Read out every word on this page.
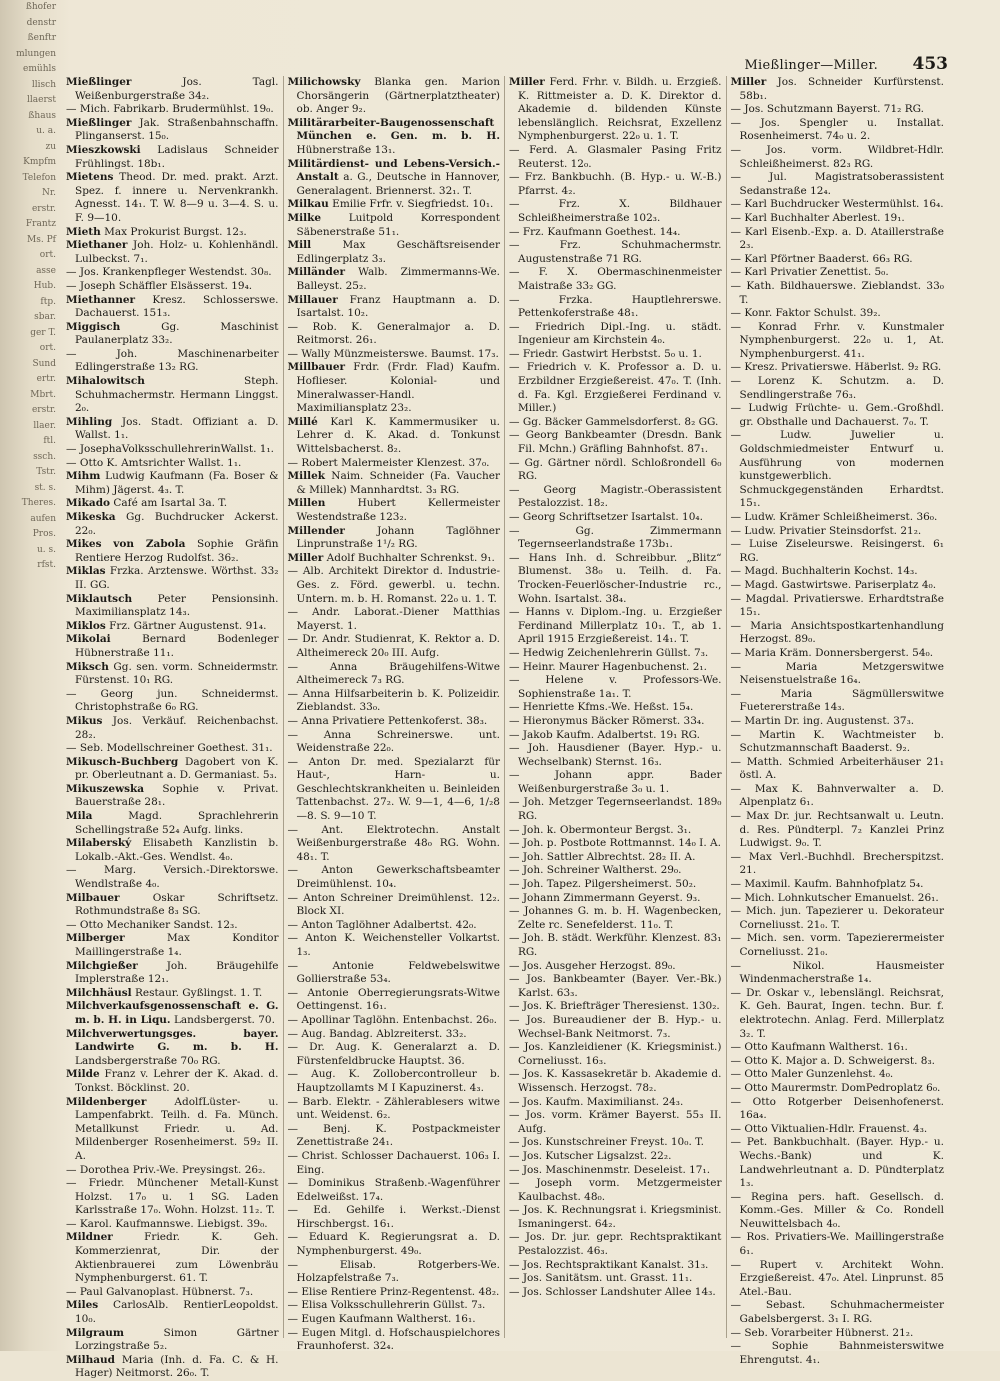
ßhofer
denstr
ßenftr
mlungen
emühls
llisch
llaerst
ßhaus
u. a.
zu
Kmpfm
Telefon
Nr.
erstr.
Frantz
Ms. Pf
ort.
asse
Hub.
ftp.
sbar.
ger T.
ort.
Sund
ertr.
Mbrt.
erstr.
llaer.
ftl.
ssch.
Tstr.
st. s.
Theres.
aufen
Pros.
u. s.
rfst.
Mießlinger—Miller. 453

Mießlinger	Jos. Tagl. Weißenburgerstraße 34₂.

— Mich. Fabrikarb. Brudermühlst. 19₀.

Mießlinger Jak. Straßenbahnschaffn. Plinganserst. 15₀.

Mieszkowski Ladislaus Schneider Frühlingst. 18b₁.

Mietens Theod. Dr. med. prakt. Arzt. Spez. f. innere u. Nervenkrankh. Agnesst. 14₁. T. W. 8—9 u. 3—4. S. u. F. 9—10.

Mieth Max Prokurist Burgst. 12₃.

Miethaner Joh. Holz- u. Kohlenhändl. Lulbeckst. 7₁.

— Jos. Krankenpfleger Westendst. 30₈.

— Joseph Schäffler Elsässerst. 19₄.

Miethanner Kresz. Schlosserswe. Dachauerst. 151₃.

Miggisch	Gg. Maschinist Paulanerplatz 33₂.

— Joh. Maschinenarbeiter Edlingerstraße 13₂ RG.

Mihalowitsch	Steph. Schuhmachermstr. Hermann Linggst. 2₀.

Mihling Jos. Stadt. Offiziant a. D. Wallst. 1₁.

— JosephaVolksschullehrerinWallst. 1₁.

— Otto K. Amtsrichter Wallst. 1₁.

Mihm Ludwig Kaufmann (Fa. Boser & Mihm) Jägerst. 4₃. T.

Mikado Café am Isartal 3a. T.

Mikeska Gg. Buchdrucker Ackerst. 22₀.

Mikes von Zabola Sophie Gräfin Rentiere Herzog Rudolfst. 36₂.

Miklas Frzka. Arztenswe. Wörthst. 33₂ II. GG.

Miklautsch Peter Pensionsinh. Maximiliansplatz 14₃.

Miklos Frz. Gärtner Augustenst. 91₄.

Mikolai	Bernard Bodenleger Hübnerstraße 11₁.

Miksch Gg. sen. vorm. Schneidermstr. Fürstenst. 10₁ RG.

— Georg jun. Schneidermst. Christophstraße 6₀ RG.

Mikus Jos. Verkäuf. Reichenbachst. 28₂.

— Seb. Modellschreiner Goethest. 31₁.

Mikusch-Buchberg Dagobert von K. pr. Oberleutnant a. D. Germaniast. 5₃.

Mikuszewska Sophie v. Privat. Bauerstraße 28₁.

Mila	Magd. Sprachlehrerin Schellingstraße 52₄ Aufg. links.

Milaberský Elisabeth Kanzlistin b. Lokalb.-Akt.-Ges. Wendlst. 4₀.

— Marg. Versich.-Direktorswe. Wendlstraße 4₀.

Milbauer	Oskar Schriftsetz. Rothmundstraße 8₃ SG.

— Otto Mechaniker Sandst. 12₃.

Milberger	Max Konditor Maillingerstraße 1₄.

Milchgießer	Joh. Bräugehilfe Implerstraße 12₁.

Milchhäusl Restaur. Gyßlingst. 1. T.

Milchverkaufsgenossenschaft e. G. m. b. H. in Liqu. Landsbergerst. 70.

Milchverwertungsges. bayer. Landwirte G. m. b. H. Landsbergerstraße 70₀ RG.

Milde Franz v. Lehrer der K. Akad. d. Tonkst. Böcklinst. 20.

Mildenberger	AdolfLüster- u. Lampenfabrkt. Teilh. d. Fa. Münch. Metallkunst Friedr. u. Ad. Mildenberger Rosenheimerst. 59₂ II. A.

— Dorothea Priv.-We. Preysingst. 26₂.

— Friedr. Münchener Metall-Kunst Holzst. 17₀ u. 1 SG. Laden Karlsstraße 17₀. Wohn. Holzst. 11₂. T.

— Karol. Kaufmannswe. Liebigst. 39₀.

Mildner	Friedr. K. Geh. Kommerzienrat, Dir. der Aktienbrauerei zum Löwenbräu Nymphenburgerst. 61. T.

— Paul Galvanoplast. Hübnerst. 7₃.

Miles CarlosAlb. RentierLeopoldst. 10₀.

Milgraum	Simon Gärtner Lorzingstraße 5₂.

Milhaud Maria (Inh. d. Fa. C. & H. Hager) Neitmorst. 26₀. T.

Milichowsky Blanka gen. Marion Chorsängerin (Gärtnerplatztheater) ob. Anger 9₂.

Militärarbeiter-Baugenossenschaft München e. Gen. m. b. H. Hübnerstraße 13₁.

Militärdienst- und Lebens-Versich.-Anstalt a. G., Deutsche in Hannover, Generalagent. Briennerst. 32₁. T.

Milkau Emilie Frfr. v. Siegfriedst. 10₁.

Milke	Luitpold Korrespondent Säbenerstraße 51₁.

Mill	Max Geschäftsreisender Edlingerplatz 3₃.

Milländer Walb. Zimmermanns-We. Balleyst. 25₂.

Millauer Franz Hauptmann a. D. Isartalst. 10₂.

— Rob. K. Generalmajor a. D. Reitmorst. 26₁.

— Wally Münzmeisterswe. Baumst. 17₃.

Millbauer Frdr. (Frdr. Flad) Kaufm. Hoflieser. Kolonial- und Mineralwasser-Handl. Maximiliansplatz 23₂.

Millé Karl K. Kammermusiker u. Lehrer d. K. Akad. d. Tonkunst Wittelsbacherst. 8₂.

— Robert Malermeister Klenzest. 37₀.

Millek Naim. Schneider (Fa. Vaucher & Millek) Mannhardtst. 3₃ RG.

Millen	Hubert Kellermeister Westendstraße 123₂.

Millender	Johann Taglöhner Linprunstraße 1¹/₂ RG.

Miller Adolf Buchhalter Schrenkst. 9₁.

— Alb. Architekt Direktor d. Industrie-Ges. z. Förd. gewerbl. u. techn. Untern. m. b. H. Romanst. 22₀ u. 1. T.

— Andr. Laborat.-Diener Matthias Mayerst. 1.

— Dr. Andr. Studienrat, K. Rektor a. D. Altheimereck 20₀ III. Aufg.

— Anna Bräugehilfens-Witwe Altheimereck 7₃ RG.

— Anna Hilfsarbeiterin b. K. Polizeidir. Zieblandst. 33₀.

— Anna Privatiere Pettenkoferst. 38₃.

— Anna Schreinerswe. unt. Weidenstraße 22₀.

— Anton Dr. med. Spezialarzt für Haut-, Harn- u. Geschlechtskrankheiten u. Beinleiden Tattenbachst. 27₂. W. 9—1, 4—6, 1/₂8—8. S. 9—10 T.

— Ant. Elektrotechn. Anstalt Weißenburgerstraße 48₀ RG. Wohn. 48₁. T.

— Anton Gewerkschaftsbeamter Dreimühlenst. 10₄.

— Anton Schreiner Dreimühlenst. 12₂. Block XI.

— Anton Taglöhner Adalbertst. 42₀.

— Anton K. Weichensteller Volkartst. 1₃.

— Antonie Feldwebelswitwe Gollierstraße 53₄.

— Antonie Oberregierungsrats-Witwe Oettingenst. 16₁.

— Apollinar Taglöhn. Entenbachst. 26₀.

— Aug. Bandag. Ablzreiterst. 33₂.

— Dr. Aug. K. Generalarzt a. D. Fürstenfeldbrucke Hauptst. 36.

— Aug. K. Zollobercontrolleur b. Hauptzollamts M I Kapuzinerst. 4₃.

— Barb. Elektr. - Zählerablesers witwe unt. Weidenst. 6₂.

— Benj. K. Postpackmeister Zenettistraße 24₁.

— Christ. Schlosser Dachauerst. 106₃ I. Eing.

— Dominikus Straßenb.-Wagenführer Edelweißst. 17₄.

— Ed. Gehilfe i. Werkst.-Dienst Hirschbergst. 16₁.

— Eduard K. Regierungsrat a. D. Nymphenburgerst. 49₀.

— Elisab. Rotgerbers-We. Holzapfelstraße 7₃.

— Elise Rentiere Prinz-Regentenst. 48₂.

— Elisa Volksschullehrerin Güllst. 7₃.

— Eugen Kaufmann Waltherst. 16₁.

— Eugen Mitgl. d. Hofschauspielchores Fraunhoferst. 32₄.

Miller Ferd. Frhr. v. Bildh. u. Erzgieß. K. Rittmeister a. D. K. Direktor d. Akademie d. bildenden Künste lebenslänglich. Reichsrat, Exzellenz Nymphenburgerst. 22₀ u. 1. T.

— Ferd. A. Glasmaler Pasing Fritz Reuterst. 12₀.

— Frz. Bankbuchh. (B. Hyp.- u. W.-B.) Pfarrst. 4₂.

— Frz. X. Bildhauer Schleißheimerstraße 102₃.

— Frz. Kaufmann Goethest. 14₄.

— Frz. Schuhmachermstr. Augustenstraße 71 RG.

— F. X. Obermaschinenmeister Maistraße 33₂ GG.

— Frzka. Hauptlehrerswe. Pettenkoferstraße 48₁.

— Friedrich Dipl.-Ing. u. städt. Ingenieur am Kirchstein 4₀.

— Friedr. Gastwirt Herbstst. 5₀ u. 1.

— Friedrich v. K. Professor a. D. u. Erzbildner Erzgießereist. 47₀. T. (Inh. d. Fa. Kgl. Erzgießerei Ferdinand v. Miller.)

— Gg. Bäcker Gammelsdorferst. 8₂ GG.

— Georg Bankbeamter (Dresdn. Bank Fil. Mchn.) Gräfling Bahnhofst. 87₁.

— Gg. Gärtner nördl. Schloßrondell 6₀ RG.

— Georg Magistr.-Oberassistent Pestalozzist. 18₂.

— Georg Schriftsetzer Isartalst. 10₄.

— Gg. Zimmermann Tegernseerlandstraße 173b₁.

— Hans Inh. d. Schreibbur. „Blitz“ Blumenst. 38₀ u. Teilh. d. Fa. Trocken-Feuerlöscher-Industrie rc., Wohn. Isartalst. 38₄.

— Hanns v. Diplom.-Ing. u. Erzgießer Ferdinand Millerplatz 10₁. T., ab 1. April 1915 Erzgießereist. 14₁. T.

— Hedwig Zeichenlehrerin Güllst. 7₃.

— Heinr. Maurer Hagenbuchenst. 2₁.

— Helene v. Professors-We. Sophienstraße 1a₁. T.

— Henriette Kfms.-We. Heßst. 15₄.

— Hieronymus Bäcker Römerst. 33₄.

— Jakob Kaufm. Adalbertst. 19₁ RG.

— Joh. Hausdiener (Bayer. Hyp.- u. Wechselbank) Sternst. 16₃.

— Johann appr. Bader Weißenburgerstraße 3₀ u. 1.

— Joh. Metzger Tegernseerlandst. 189₀ RG.

— Joh. k. Obermonteur Bergst. 3₁.

— Joh. p. Postbote Rottmannst. 14₀ I. A.

— Joh. Sattler Albrechtst. 28₂ II. A.

— Joh. Schreiner Waltherst. 29₀.

— Joh. Tapez. Pilgersheimerst. 50₂.

— Johann Zimmermann Geyerst. 9₃.

— Johannes G. m. b. H. Wagenbecken, Zelte rc. Senefelderst. 11₀. T.

— Joh. B. städt. Werkführ. Klenzest. 83₁ RG.

— Jos. Ausgeher Herzogst. 89₀.

— Jos. Bankbeamter (Bayer. Ver.-Bk.) Karlst. 63₃.

— Jos. K. Briefträger Theresienst. 130₂.

— Jos. Bureaudiener der B. Hyp.- u. Wechsel-Bank Neitmorst. 7₃.

— Jos. Kanzleidiener (K. Kriegsminist.) Corneliusst. 16₃.

— Jos. K. Kassasekretär b. Akademie d. Wissensch. Herzogst. 78₂.

— Jos. Kaufm. Maximilianst. 24₃.

— Jos. vorm. Krämer Bayerst. 55₃ II. Aufg.

— Jos. Kunstschreiner Freyst. 10₀. T.

— Jos. Kutscher Ligsalzst. 22₂.

— Jos. Maschinenmstr. Deseleist. 17₁.

— Joseph vorm. Metzgermeister Kaulbachst. 48₀.

— Jos. K. Rechnungsrat i. Kriegsminist. Ismaningerst. 64₂.

— Jos. Dr. jur. gepr. Rechtspraktikant Pestalozzist. 46₃.

— Jos. Rechtspraktikant Kanalst. 31₃.

— Jos. Sanitätsm. unt. Grasst. 11₁.

— Jos. Schlosser Landshuter Allee 14₃.

Miller Jos. Schneider Kurfürstenst. 58b₁.

— Jos. Schutzmann Bayerst. 71₂ RG.

— Jos. Spengler u. Installat. Rosenheimerst. 74₀ u. 2.

— Jos. vorm. Wildbret-Hdlr. Schleißheimerst. 82₃ RG.

— Jul. Magistratsoberassistent Sedanstraße 12₄.

— Karl Buchdrucker Westermühlst. 16₄.

— Karl Buchhalter Aberlest. 19₁.

— Karl Eisenb.-Exp. a. D. Ataillerstraße 2₃.

— Karl Pförtner Baaderst. 66₃ RG.

— Karl Privatier Zenettist. 5₀.

— Kath. Bildhauerswe. Zieblandst. 33₀ T.

— Konr. Faktor Schulst. 39₂.

— Konrad Frhr. v. Kunstmaler Nymphenburgerst. 22₀ u. 1, At. Nymphenburgerst. 41₁.

— Kresz. Privatierswe. Häberlst. 9₂ RG.

— Lorenz K. Schutzm. a. D. Sendlingerstraße 76₃.

— Ludwig Früchte- u. Gem.-Großhdl. gr. Obsthalle und Dachauerst. 7₀. T.

— Ludw. Juwelier u. Goldschmiedmeister Entwurf u. Ausführung von modernen kunstgewerblich. Schmuckgegenständen Erhardtst. 15₁.

— Ludw. Krämer Schleißheimerst. 36₀.

— Ludw. Privatier Steinsdorfst. 21₂.

— Luise Ziseleurswe. Reisingerst. 6₁ RG.

— Magd. Buchhalterin Kochst. 14₃.

— Magd. Gastwirtswe. Pariserplatz 4₀.

— Magdal. Privatierswe. Erhardtstraße 15₁.

— Maria Ansichtspostkartenhandlung Herzogst. 89₀.

— Maria Kräm. Donnersbergerst. 54₀.

— Maria Metzgerswitwe Neisenstuelstraße 16₄.

— Maria Sägmüllerswitwe Fuetererstraße 14₃.

— Martin Dr. ing. Augustenst. 37₃.

— Martin K. Wachtmeister b. Schutzmannschaft Baaderst. 9₂.

— Matth. Schmied Arbeiterhäuser 21₁ östl. A.

— Max K. Bahnverwalter a. D. Alpenplatz 6₁.

— Max Dr. jur. Rechtsanwalt u. Leutn. d. Res. Pündterpl. 7₂ Kanzlei Prinz Ludwigst. 9₀. T.

— Max Verl.-Buchhdl. Brecherspitzst. 21.

— Maximil. Kaufm. Bahnhofplatz 5₄.

— Mich. Lohnkutscher Emanuelst. 26₁.

— Mich. jun. Tapezierer u. Dekorateur Corneliusst. 21₀. T.

— Mich. sen. vorm. Tapezierermeister Corneliusst. 21₀.

— Nikol. Hausmeister Windenmacherstraße 1₄.

— Dr. Oskar v., lebenslängl. Reichsrat, K. Geh. Baurat, Ingen. techn. Bur. f. elektrotechn. Anlag. Ferd. Millerplatz 3₂. T.

— Otto Kaufmann Waltherst. 16₁.

— Otto K. Major a. D. Schweigerst. 8₃.

— Otto Maler Gunzenlehst. 4₀.

— Otto Maurermstr. DomPedroplatz 6₀.

— Otto Rotgerber Deisenhofenerst. 16a₄.

— Otto Viktualien-Hdlr. Frauenst. 4₃.

— Pet. Bankbuchhalt. (Bayer. Hyp.- u. Wechs.-Bank) und K. Landwehrleutnant a. D. Pündterplatz 1₃.

— Regina pers. haft. Gesellsch. d. Komm.-Ges. Miller & Co. Rondell Neuwittelsbach 4₀.

— Ros. Privatiers-We. Maillingerstraße 6₁.

— Rupert v. Architekt Wohn. Erzgießereist. 47₀. Atel. Linprunst. 85 Atel.-Bau.

— Sebast. Schuhmachermeister Gabelsbergerst. 3₁ I. RG.

— Seb. Vorarbeiter Hübnerst. 21₂.

— Sophie Bahnmeisterswitwe Ehrengutst. 4₁.
